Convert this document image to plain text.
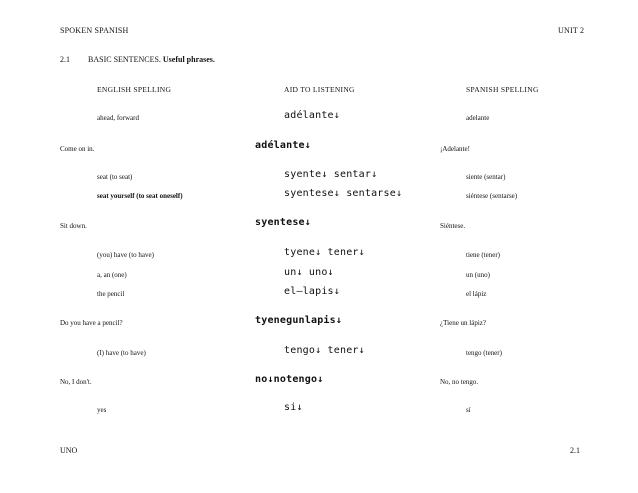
SPOKEN SPANISH	UNIT 2
2.1 BASIC SENTENCES. Useful phrases.
ENGLISH SPELLING	AID TO LISTENING	SPANISH SPELLING
ahead, forward	adélante↓	adelante
Come on in.	adélante↓	¡Adelante!
seat (to seat)	syente↓ sentar↓	siente (sentar)
seat yourself (to seat oneself)	syentese↓ sentarse↓	siéntese (sentarse)
Sit down.	syentese↓	Siéntese.
(you) have (to have)	tyene↓ tener↓	tiene (tener)
a, an (one)	un↓ uno↓	un (uno)
the pencil	el—lapis↓	el lápiz
Do you have a pencil?	tyenegunlapis↓	¿Tiene un lápiz?
(I) have (to have)	tengo↓ tener↓	tengo (tener)
No, I don't.	no↓notengo↓	No, no tengo.
yes	si↓	sí
UNO	2.1
